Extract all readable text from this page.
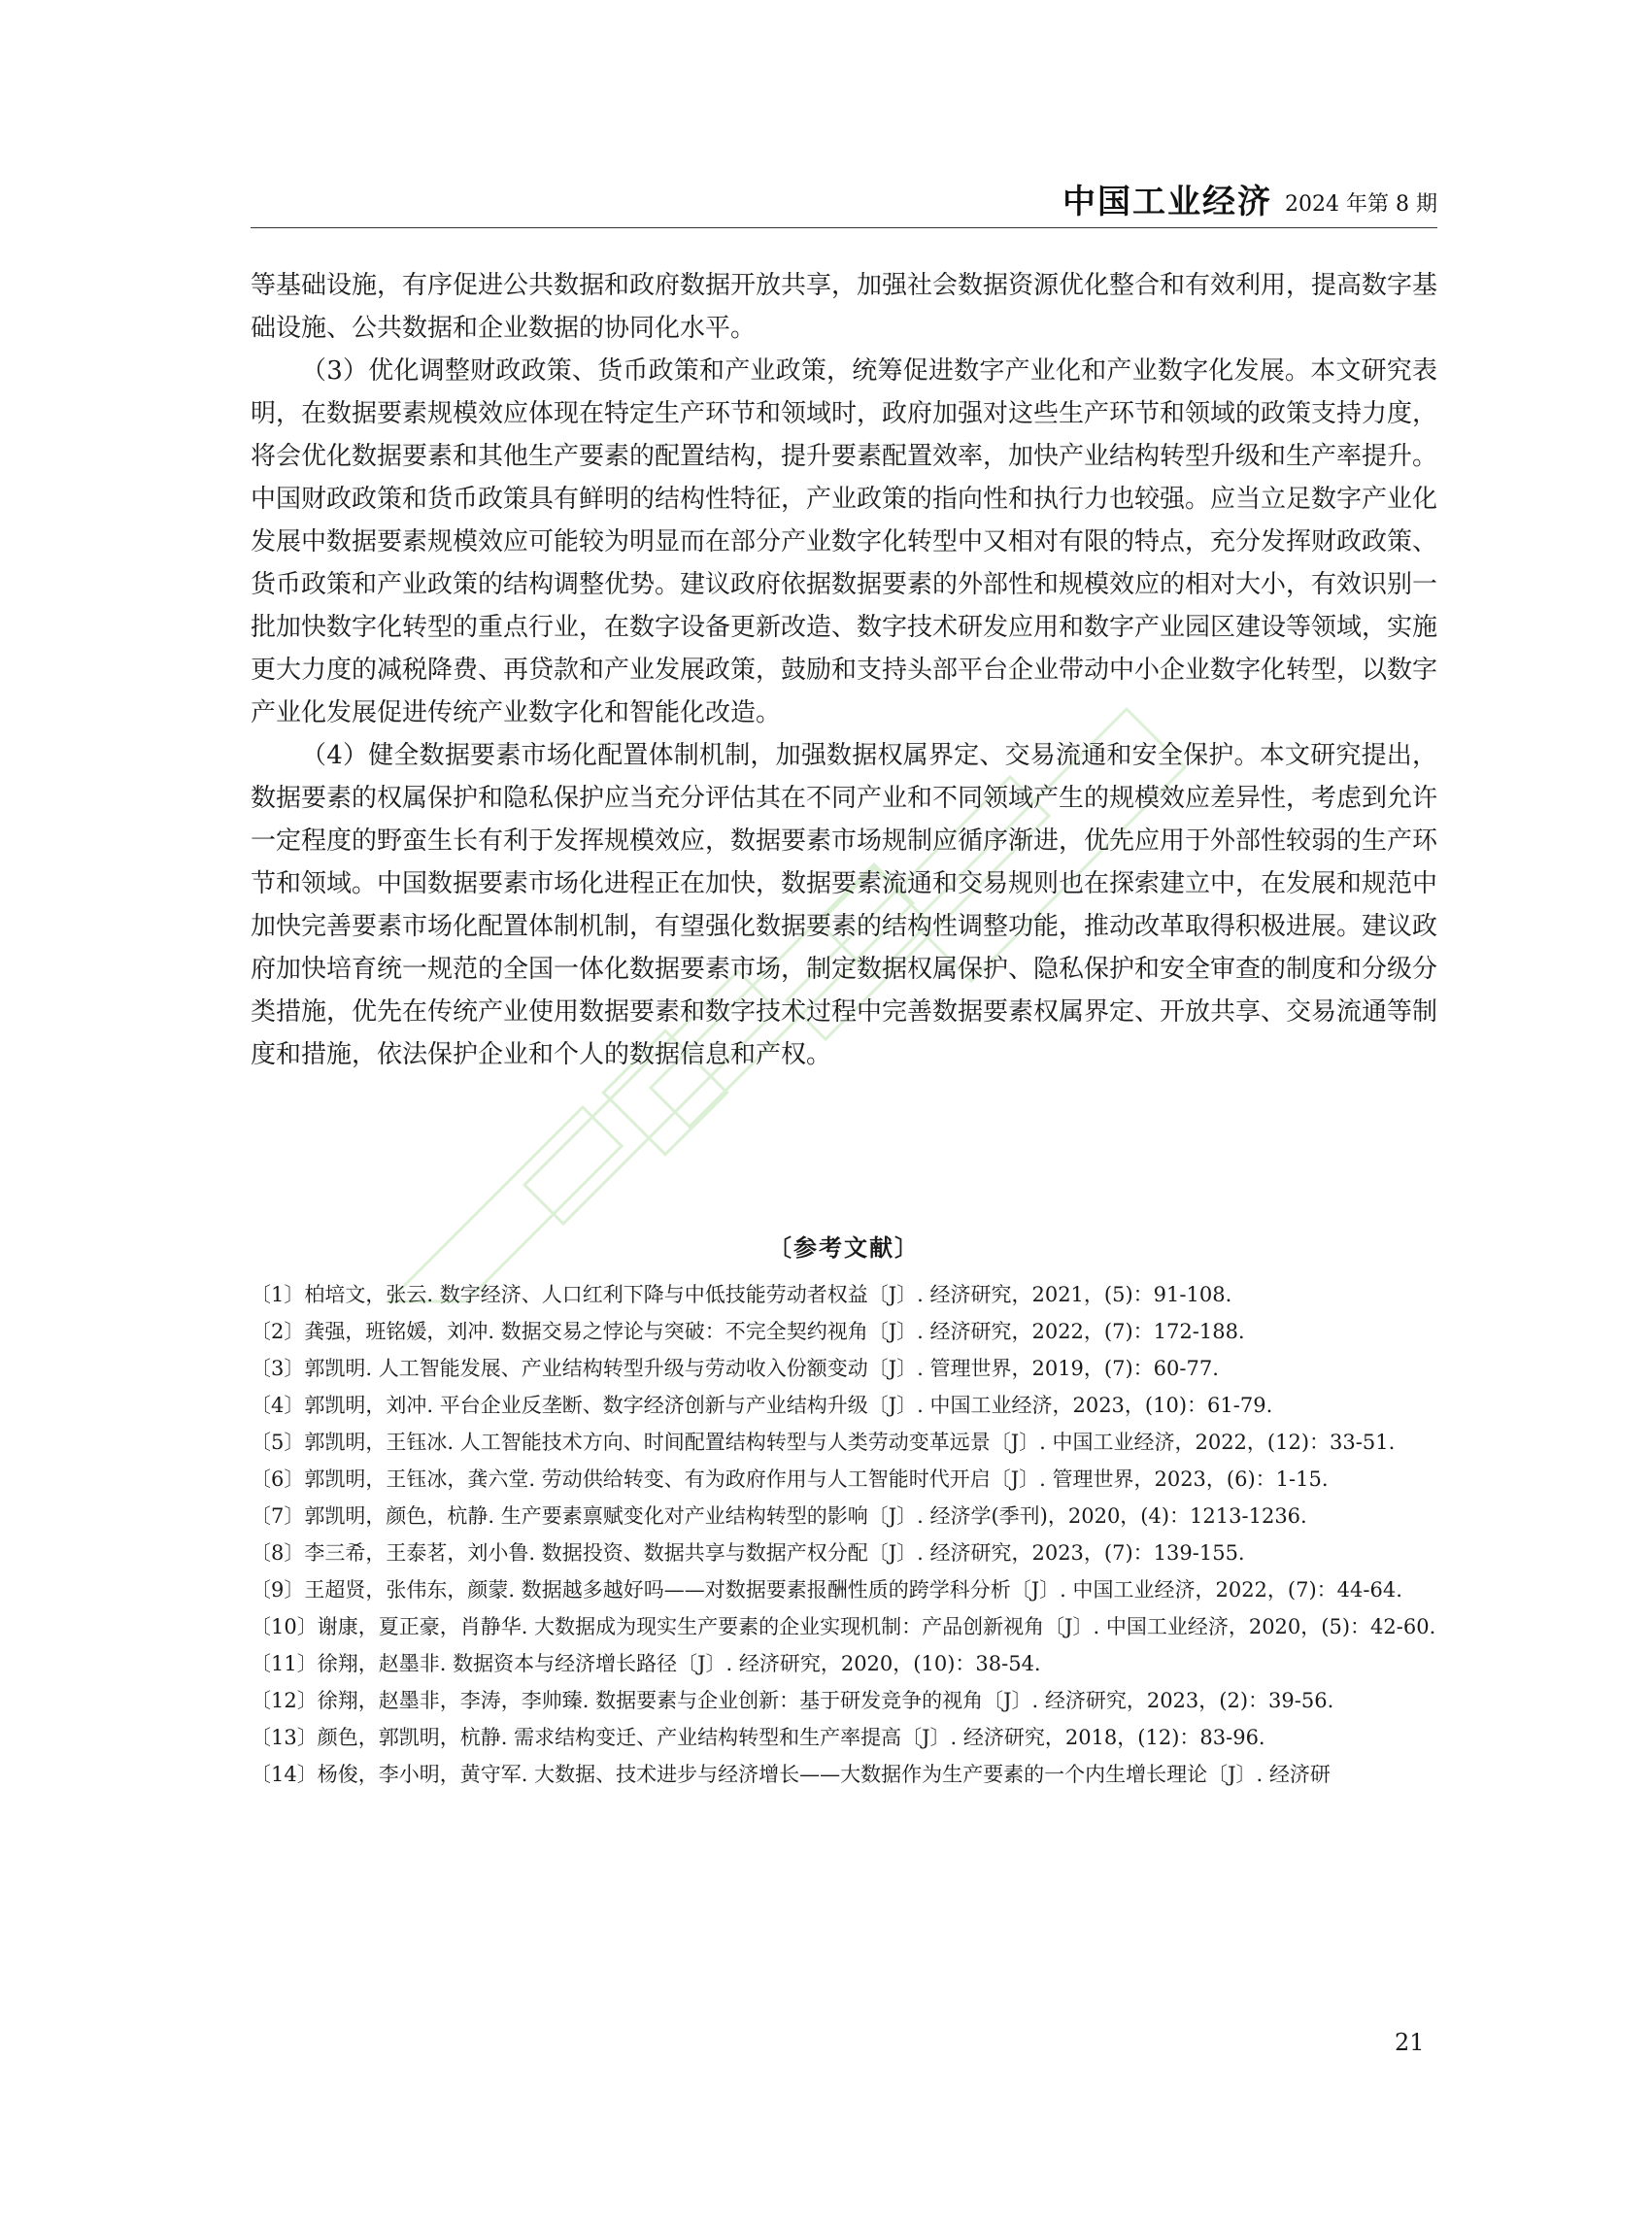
中国工业经济 2024 年第 8 期

等基础设施，有序促进公共数据和政府数据开放共享，加强社会数据资源优化整合和有效利用，提高数字基础设施、公共数据和企业数据的协同化水平。

（3）优化调整财政政策、货币政策和产业政策，统筹促进数字产业化和产业数字化发展。本文研究表明，在数据要素规模效应体现在特定生产环节和领域时，政府加强对这些生产环节和领域的政策支持力度，将会优化数据要素和其他生产要素的配置结构，提升要素配置效率，加快产业结构转型升级和生产率提升。中国财政政策和货币政策具有鲜明的结构性特征，产业政策的指向性和执行力也较强。应当立足数字产业化发展中数据要素规模效应可能较为明显而在部分产业数字化转型中又相对有限的特点，充分发挥财政政策、货币政策和产业政策的结构调整优势。建议政府依据数据要素的外部性和规模效应的相对大小，有效识别一批加快数字化转型的重点行业，在数字设备更新改造、数字技术研发应用和数字产业园区建设等领域，实施更大力度的减税降费、再贷款和产业发展政策，鼓励和支持头部平台企业带动中小企业数字化转型，以数字产业化发展促进传统产业数字化和智能化改造。

（4）健全数据要素市场化配置体制机制，加强数据权属界定、交易流通和安全保护。本文研究提出，数据要素的权属保护和隐私保护应当充分评估其在不同产业和不同领域产生的规模效应差异性，考虑到允许一定程度的野蛮生长有利于发挥规模效应，数据要素市场规制应循序渐进，优先应用于外部性较弱的生产环节和领域。中国数据要素市场化进程正在加快，数据要素流通和交易规则也在探索建立中，在发展和规范中加快完善要素市场化配置体制机制，有望强化数据要素的结构性调整功能，推动改革取得积极进展。建议政府加快培育统一规范的全国一体化数据要素市场，制定数据权属保护、隐私保护和安全审查的制度和分级分类措施，优先在传统产业使用数据要素和数字技术过程中完善数据要素权属界定、开放共享、交易流通等制度和措施，依法保护企业和个人的数据信息和产权。

〔参考文献〕
〔1〕柏培文，张云. 数字经济、人口红利下降与中低技能劳动者权益〔J〕. 经济研究，2021，(5)：91-108.
〔2〕龚强，班铭媛，刘冲. 数据交易之悖论与突破：不完全契约视角〔J〕. 经济研究，2022，(7)：172-188.
〔3〕郭凯明. 人工智能发展、产业结构转型升级与劳动收入份额变动〔J〕. 管理世界，2019，(7)：60-77.
〔4〕郭凯明，刘冲. 平台企业反垄断、数字经济创新与产业结构升级〔J〕. 中国工业经济，2023，(10)：61-79.
〔5〕郭凯明，王钰冰. 人工智能技术方向、时间配置结构转型与人类劳动变革远景〔J〕. 中国工业经济，2022，(12)：33-51.
〔6〕郭凯明，王钰冰，龚六堂. 劳动供给转变、有为政府作用与人工智能时代开启〔J〕. 管理世界，2023，(6)：1-15.
〔7〕郭凯明，颜色，杭静. 生产要素禀赋变化对产业结构转型的影响〔J〕. 经济学(季刊)，2020，(4)：1213-1236.
〔8〕李三希，王泰茗，刘小鲁. 数据投资、数据共享与数据产权分配〔J〕. 经济研究，2023，(7)：139-155.
〔9〕王超贤，张伟东，颜蒙. 数据越多越好吗——对数据要素报酬性质的跨学科分析〔J〕. 中国工业经济，2022，(7)：44-64.
〔10〕谢康，夏正豪，肖静华. 大数据成为现实生产要素的企业实现机制：产品创新视角〔J〕. 中国工业经济，2020，(5)：42-60.
〔11〕徐翔，赵墨非. 数据资本与经济增长路径〔J〕. 经济研究，2020，(10)：38-54.
〔12〕徐翔，赵墨非，李涛，李帅臻. 数据要素与企业创新：基于研发竞争的视角〔J〕. 经济研究，2023，(2)：39-56.
〔13〕颜色，郭凯明，杭静. 需求结构变迁、产业结构转型和生产率提高〔J〕. 经济研究，2018，(12)：83-96.
〔14〕杨俊，李小明，黄守军. 大数据、技术进步与经济增长——大数据作为生产要素的一个内生增长理论〔J〕. 经济研
21
